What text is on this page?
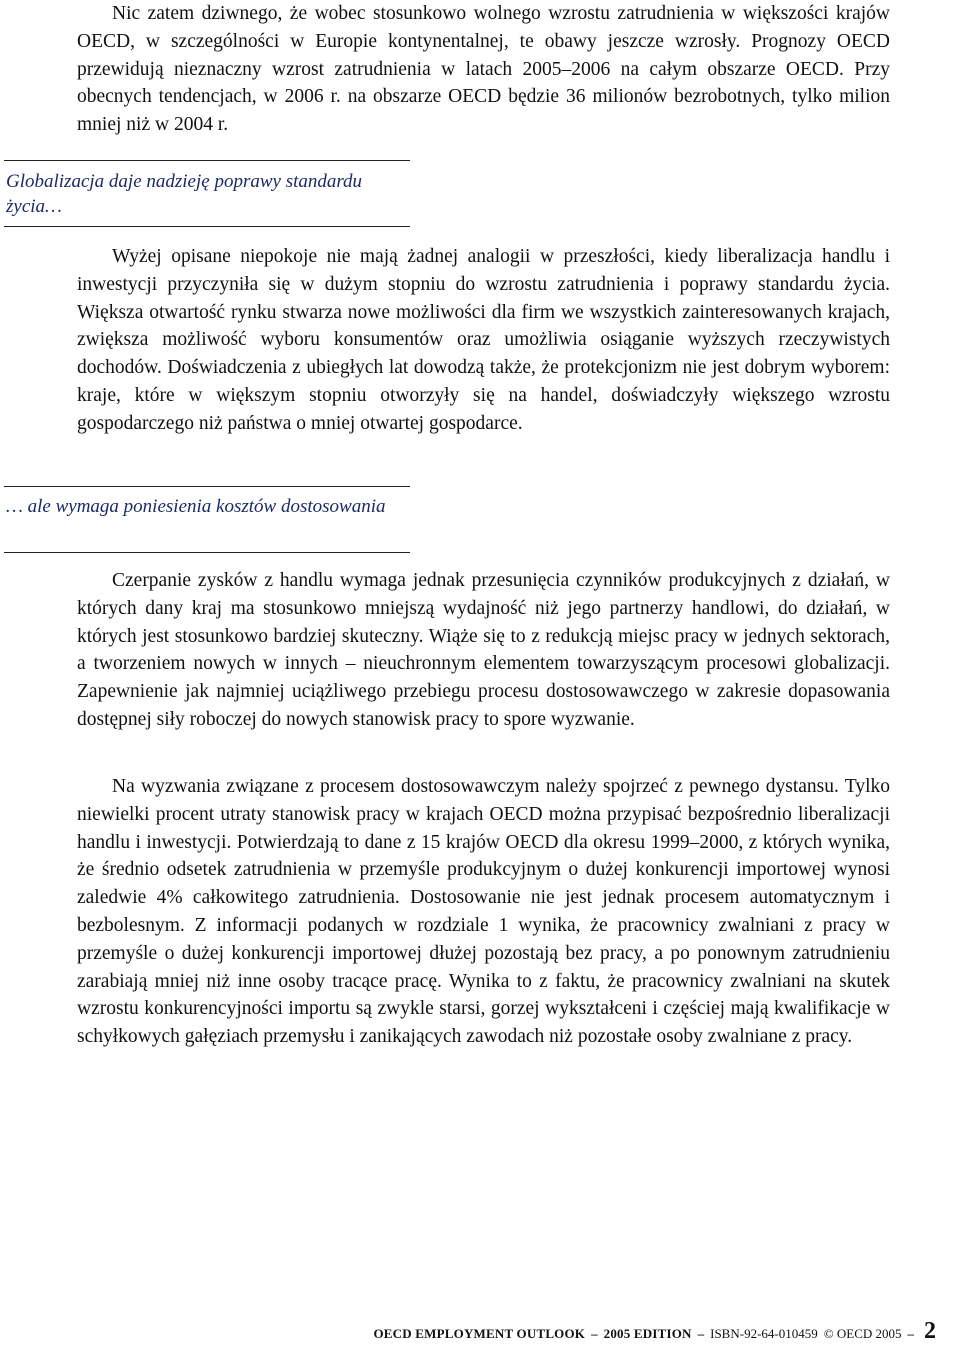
Nic zatem dziwnego, że wobec stosunkowo wolnego wzrostu zatrudnienia w większości krajów OECD, w szczególności w Europie kontynentalnej, te obawy jeszcze wzrosły. Prognozy OECD przewidują nieznaczny wzrost zatrudnienia w latach 2005–2006 na całym obszarze OECD. Przy obecnych tendencjach, w 2006 r. na obszarze OECD będzie 36 milionów bezrobotnych, tylko milion mniej niż w 2004 r.

Globalizacja daje nadzieję poprawy standardu życia…

Wyżej opisane niepokoje nie mają żadnej analogii w przeszłości, kiedy liberalizacja handlu i inwestycji przyczyniła się w dużym stopniu do wzrostu zatrudnienia i poprawy standardu życia. Większa otwartość rynku stwarza nowe możliwości dla firm we wszystkich zainteresowanych krajach, zwiększa możliwość wyboru konsumentów oraz umożliwia osiąganie wyższych rzeczywistych dochodów. Doświadczenia z ubiegłych lat dowodzą także, że protekcjonizm nie jest dobrym wyborem: kraje, które w większym stopniu otworzyły się na handel, doświadczyły większego wzrostu gospodarczego niż państwa o mniej otwartej gospodarce.

… ale wymaga poniesienia kosztów dostosowania

Czerpanie zysków z handlu wymaga jednak przesunięcia czynników produkcyjnych z działań, w których dany kraj ma stosunkowo mniejszą wydajność niż jego partnerzy handlowi, do działań, w których jest stosunkowo bardziej skuteczny. Wiąże się to z redukcją miejsc pracy w jednych sektorach, a tworzeniem nowych w innych – nieuchronnym elementem towarzyszącym procesowi globalizacji. Zapewnienie jak najmniej uciążliwego przebiegu procesu dostosowawczego w zakresie dopasowania dostępnej siły roboczej do nowych stanowisk pracy to spore wyzwanie.

Na wyzwania związane z procesem dostosowawczym należy spojrzeć z pewnego dystansu. Tylko niewielki procent utraty stanowisk pracy w krajach OECD można przypisać bezpośrednio liberalizacji handlu i inwestycji. Potwierdzają to dane z 15 krajów OECD dla okresu 1999–2000, z których wynika, że średnio odsetek zatrudnienia w przemyśle produkcyjnym o dużej konkurencji importowej wynosi zaledwie 4% całkowitego zatrudnienia. Dostosowanie nie jest jednak procesem automatycznym i bezbolesnym. Z informacji podanych w rozdziale 1 wynika, że pracownicy zwalniani z pracy w przemyśle o dużej konkurencji importowej dłużej pozostają bez pracy, a po ponownym zatrudnieniu zarabiają mniej niż inne osoby tracące pracę. Wynika to z faktu, że pracownicy zwalniani na skutek wzrostu konkurencyjności importu są zwykle starsi, gorzej wykształceni i częściej mają kwalifikacje w schyłkowych gałęziach przemysłu i zanikających zawodach niż pozostałe osoby zwalniane z pracy.

OECD EMPLOYMENT OUTLOOK – 2005 EDITION – ISBN-92-64-010459 © OECD 2005 – 2
